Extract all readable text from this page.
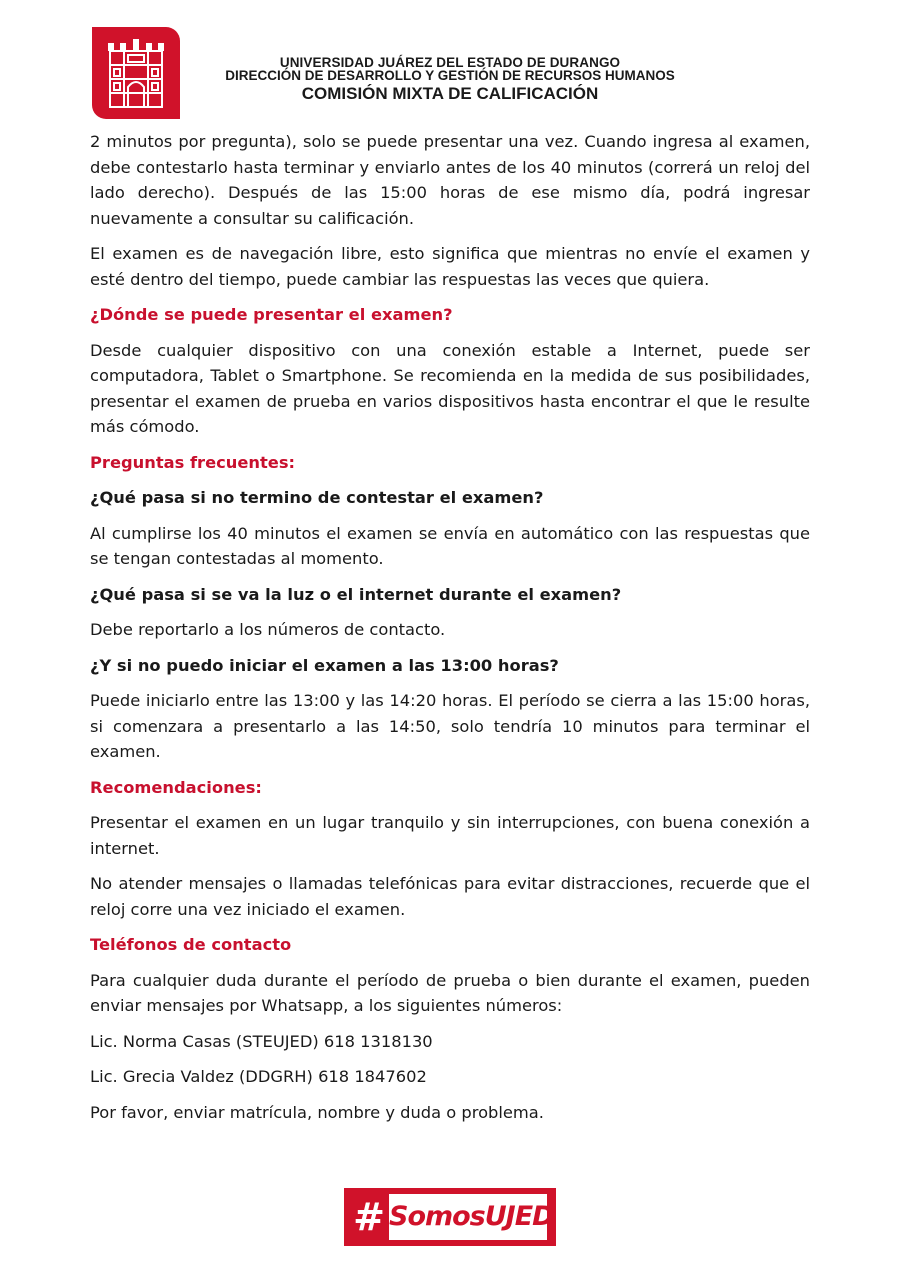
UNIVERSIDAD JUÁREZ DEL ESTADO DE DURANGO
DIRECCIÓN DE DESARROLLO Y GESTIÓN DE RECURSOS HUMANOS
COMISIÓN MIXTA DE CALIFICACIÓN

2 minutos por pregunta), solo se puede presentar una vez. Cuando ingresa al examen, debe contestarlo hasta terminar y enviarlo antes de los 40 minutos (correrá un reloj del lado derecho). Después de las 15:00 horas de ese mismo día, podrá ingresar nuevamente a consultar su calificación.

El examen es de navegación libre, esto significa que mientras no envíe el examen y esté dentro del tiempo, puede cambiar las respuestas las veces que quiera.

¿Dónde se puede presentar el examen?

Desde cualquier dispositivo con una conexión estable a Internet, puede ser computadora, Tablet o Smartphone. Se recomienda en la medida de sus posibilidades, presentar el examen de prueba en varios dispositivos hasta encontrar el que le resulte más cómodo.

Preguntas frecuentes:
¿Qué pasa si no termino de contestar el examen?

Al cumplirse los 40 minutos el examen se envía en automático con las respuestas que se tengan contestadas al momento.

¿Qué pasa si se va la luz o el internet durante el examen?

Debe reportarlo a los números de contacto.

¿Y si no puedo iniciar el examen a las 13:00 horas?

Puede iniciarlo entre las 13:00 y las 14:20 horas. El período se cierra a las 15:00 horas, si comenzara a presentarlo a las 14:50, solo tendría 10 minutos para terminar el examen.

Recomendaciones:

Presentar el examen en un lugar tranquilo y sin interrupciones, con buena conexión a internet.

No atender mensajes o llamadas telefónicas para evitar distracciones, recuerde que el reloj corre una vez iniciado el examen.

Teléfonos de contacto

Para cualquier duda durante el período de prueba o bien durante el examen, pueden enviar mensajes por Whatsapp, a los siguientes números:

Lic. Norma Casas (STEUJED) 618 1318130

Lic. Grecia Valdez (DDGRH) 618 1847602

Por favor, enviar matrícula, nombre y duda o problema.

# SomosUJED
